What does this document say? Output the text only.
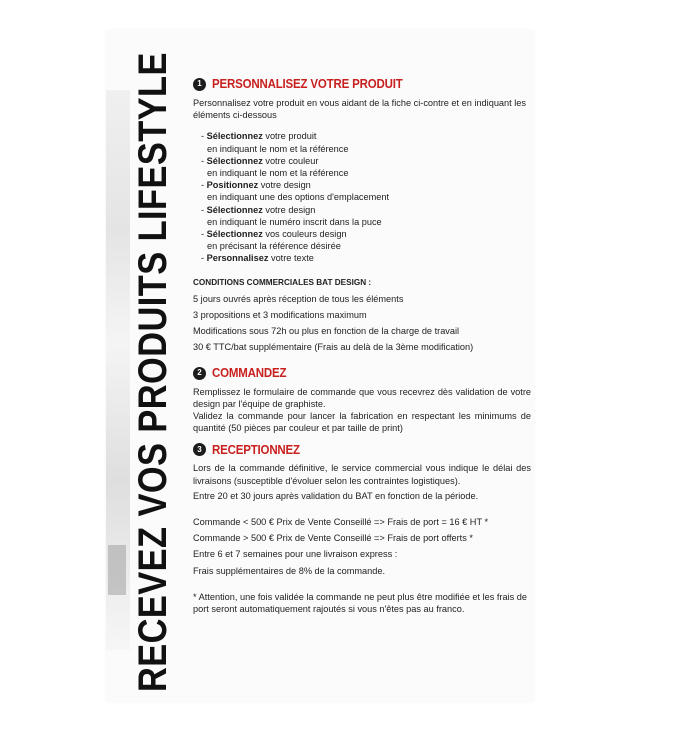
RECEVEZ VOS PRODUITS LIFESTYLE	1 PERSONNALISEZ VOTRE PRODUIT

Personnalisez votre produit en vous aidant de la fiche ci-contre et en indiquant les éléments ci-dessous

- Sélectionnez votre produit
en indiquant le nom et la référence
- Sélectionnez votre couleur
en indiquant le nom et la référence
- Positionnez votre design
en indiquant une des options d'emplacement
- Sélectionnez votre design
en indiquant le numéro inscrit dans la puce
- Sélectionnez vos couleurs design
en précisant la référence désirée
- Personnalisez votre texte
CONDITIONS COMMERCIALES BAT DESIGN :
5 jours ouvrés après réception de tous les éléments
3 propositions et 3 modifications maximum
Modifications sous 72h ou plus en fonction de la charge de travail
30 € TTC/bat supplémentaire (Frais au delà de la 3ème modification)
2 COMMANDEZ

Remplissez le formulaire de commande que vous recevrez dès validation de votre design par l'équipe de graphiste.

Validez la commande pour lancer la fabrication en respectant les minimums de quantité (50 pièces par couleur et par taille de print)

3 RECEPTIONNEZ

Lors de la commande définitive, le service commercial vous indique le délai des livraisons (susceptible d'évoluer selon les contraintes logistiques).

Entre 20 et 30 jours après validation du BAT en fonction de la période.

Commande < 500 € Prix de Vente Conseillé => Frais de port = 16 € HT *
Commande > 500 € Prix de Vente Conseillé => Frais de port offerts *
Entre 6 et 7 semaines pour une livraison express :
Frais supplémentaires de 8% de la commande.

* Attention, une fois validée la commande ne peut plus être modifiée et les frais de port seront automatiquement rajoutés si vous n'êtes pas au franco.
